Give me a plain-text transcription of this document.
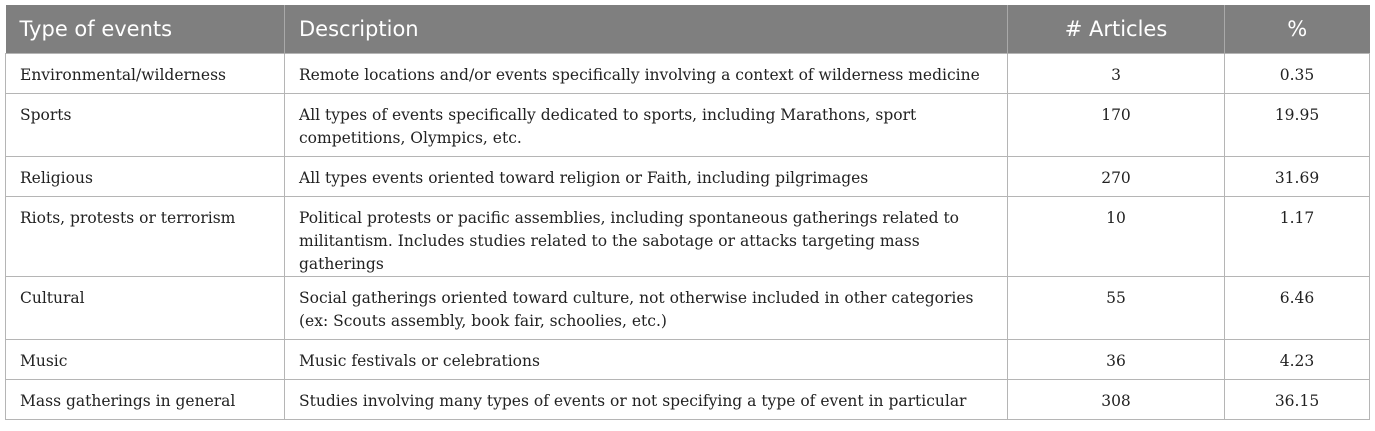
Type of events	Description	# Articles	%
Environmental/wilderness	Remote locations and/or events specifically involving a context of wilderness medicine	3	0.35
Sports	All types of events specifically dedicated to sports, including Marathons, sport competitions, Olympics, etc.	170	19.95
Religious	All types events oriented toward religion or Faith, including pilgrimages	270	31.69
Riots, protests or terrorism	Political protests or pacific assemblies, including spontaneous gatherings related to militantism. Includes studies related to the sabotage or attacks targeting mass gatherings	10	1.17
Cultural	Social gatherings oriented toward culture, not otherwise included in other categories (ex: Scouts assembly, book fair, schoolies, etc.)	55	6.46
Music	Music festivals or celebrations	36	4.23
Mass gatherings in general	Studies involving many types of events or not specifying a type of event in particular	308	36.15
